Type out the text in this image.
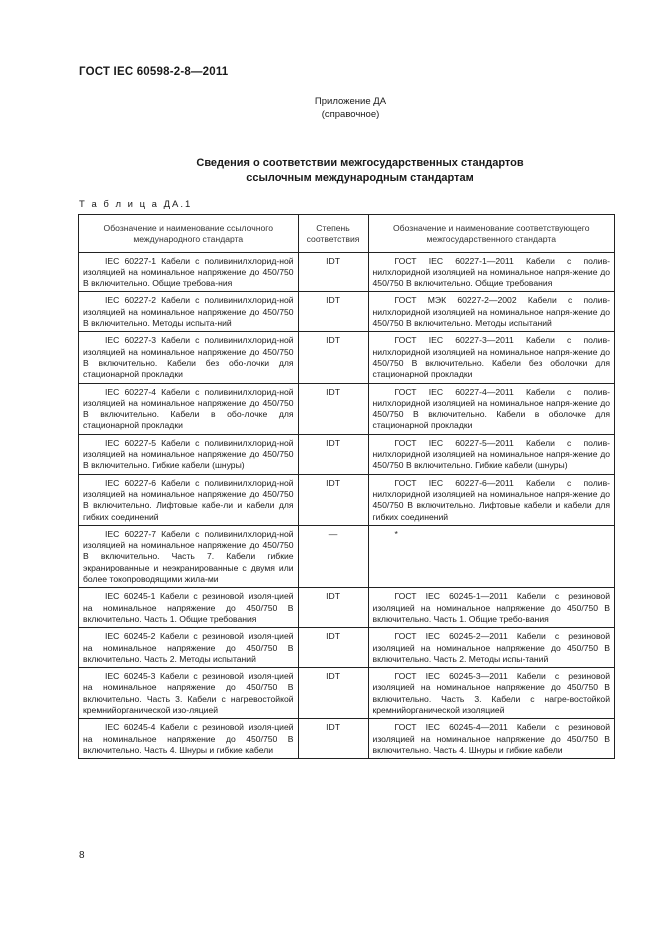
ГОСТ IEC 60598-2-8—2011
Приложение ДА
(справочное)
Сведения о соответствии межгосударственных стандартов
ссылочным международным стандартам
Т а б л и ц а ДА.1
Обозначение и наименование ссылочного международного стандарта	Степень соответствия	Обозначение и наименование соответствующего межгосударственного стандарта
IEC 60227-1 Кабели с поливинилхлорид-ной изоляцией на номинальное напряжение до 450/750 В включительно. Общие требова-ния	IDT	ГОСТ IEC 60227-1—2011 Кабели с полив-нилхлоридной изоляцией на номинальное напря-жение до 450/750 В включительно. Общие требования
IEC 60227-2 Кабели с поливинилхлорид-ной изоляцией на номинальное напряжение до 450/750 В включительно. Методы испыта-ний	IDT	ГОСТ МЭК 60227-2—2002 Кабели с полив-нилхлоридной изоляцией на номинальное напря-жение до 450/750 В включительно. Методы испытаний
IEC 60227-3 Кабели с поливинилхлорид-ной изоляцией на номинальное напряжение до 450/750 В включительно. Кабели без обо-лочки для стационарной прокладки	IDT	ГОСТ IEC 60227-3—2011 Кабели с полив-нилхлоридной изоляцией на номинальное напря-жение до 450/750 В включительно. Кабели без оболочки для стационарной прокладки
IEC 60227-4 Кабели с поливинилхлорид-ной изоляцией на номинальное напряжение до 450/750 В включительно. Кабели в обо-лочке для стационарной прокладки	IDT	ГОСТ IEC 60227-4—2011 Кабели с полив-нилхлоридной изоляцией на номинальное напря-жение до 450/750 В включительно. Кабели в оболочке для стационарной прокладки
IEC 60227-5 Кабели с поливинилхлорид-ной изоляцией на номинальное напряжение до 450/750 В включительно. Гибкие кабели (шнуры)	IDT	ГОСТ IEC 60227-5—2011 Кабели с полив-нилхлоридной изоляцией на номинальное напря-жение до 450/750 В включительно. Гибкие кабели (шнуры)
IEC 60227-6 Кабели с поливинилхлорид-ной изоляцией на номинальное напряжение до 450/750 В включительно. Лифтовые кабе-ли и кабели для гибких соединений	IDT	ГОСТ IEC 60227-6—2011 Кабели с полив-нилхлоридной изоляцией на номинальное напря-жение до 450/750 В включительно. Лифтовые кабели и кабели для гибких соединений
IEC 60227-7 Кабели с поливинилхлорид-ной изоляцией на номинальное напряжение до 450/750 В включительно. Часть 7. Кабели гибкие экранированные и неэкранированные с двумя или более токопроводящими жила-ми	—	*
IEC 60245-1 Кабели с резиновой изоля-цией на номинальное напряжение до 450/750 В включительно. Часть 1. Общие требования	IDT	ГОСТ IEC 60245-1—2011 Кабели с резиновой изоляцией на номинальное напряжение до 450/750 В включительно. Часть 1. Общие требо-вания
IEC 60245-2 Кабели с резиновой изоля-цией на номинальное напряжение до 450/750 В включительно. Часть 2. Методы испытаний	IDT	ГОСТ IEC 60245-2—2011 Кабели с резиновой изоляцией на номинальное напряжение до 450/750 В включительно. Часть 2. Методы испы-таний
IEC 60245-3 Кабели с резиновой изоля-цией на номинальное напряжение до 450/750 В включительно. Часть 3. Кабели с нагревостойкой кремнийорганической изо-ляцией	IDT	ГОСТ IEC 60245-3—2011 Кабели с резиновой изоляцией на номинальное напряжение до 450/750 В включительно. Часть 3. Кабели с нагре-востойкой кремнийорганической изоляцией
IEC 60245-4 Кабели с резиновой изоля-цией на номинальное напряжение до 450/750 В включительно. Часть 4. Шнуры и гибкие кабели	IDT	ГОСТ IEC 60245-4—2011 Кабели с резиновой изоляцией на номинальное напряжение до 450/750 В включительно. Часть 4. Шнуры и гибкие кабели
8
